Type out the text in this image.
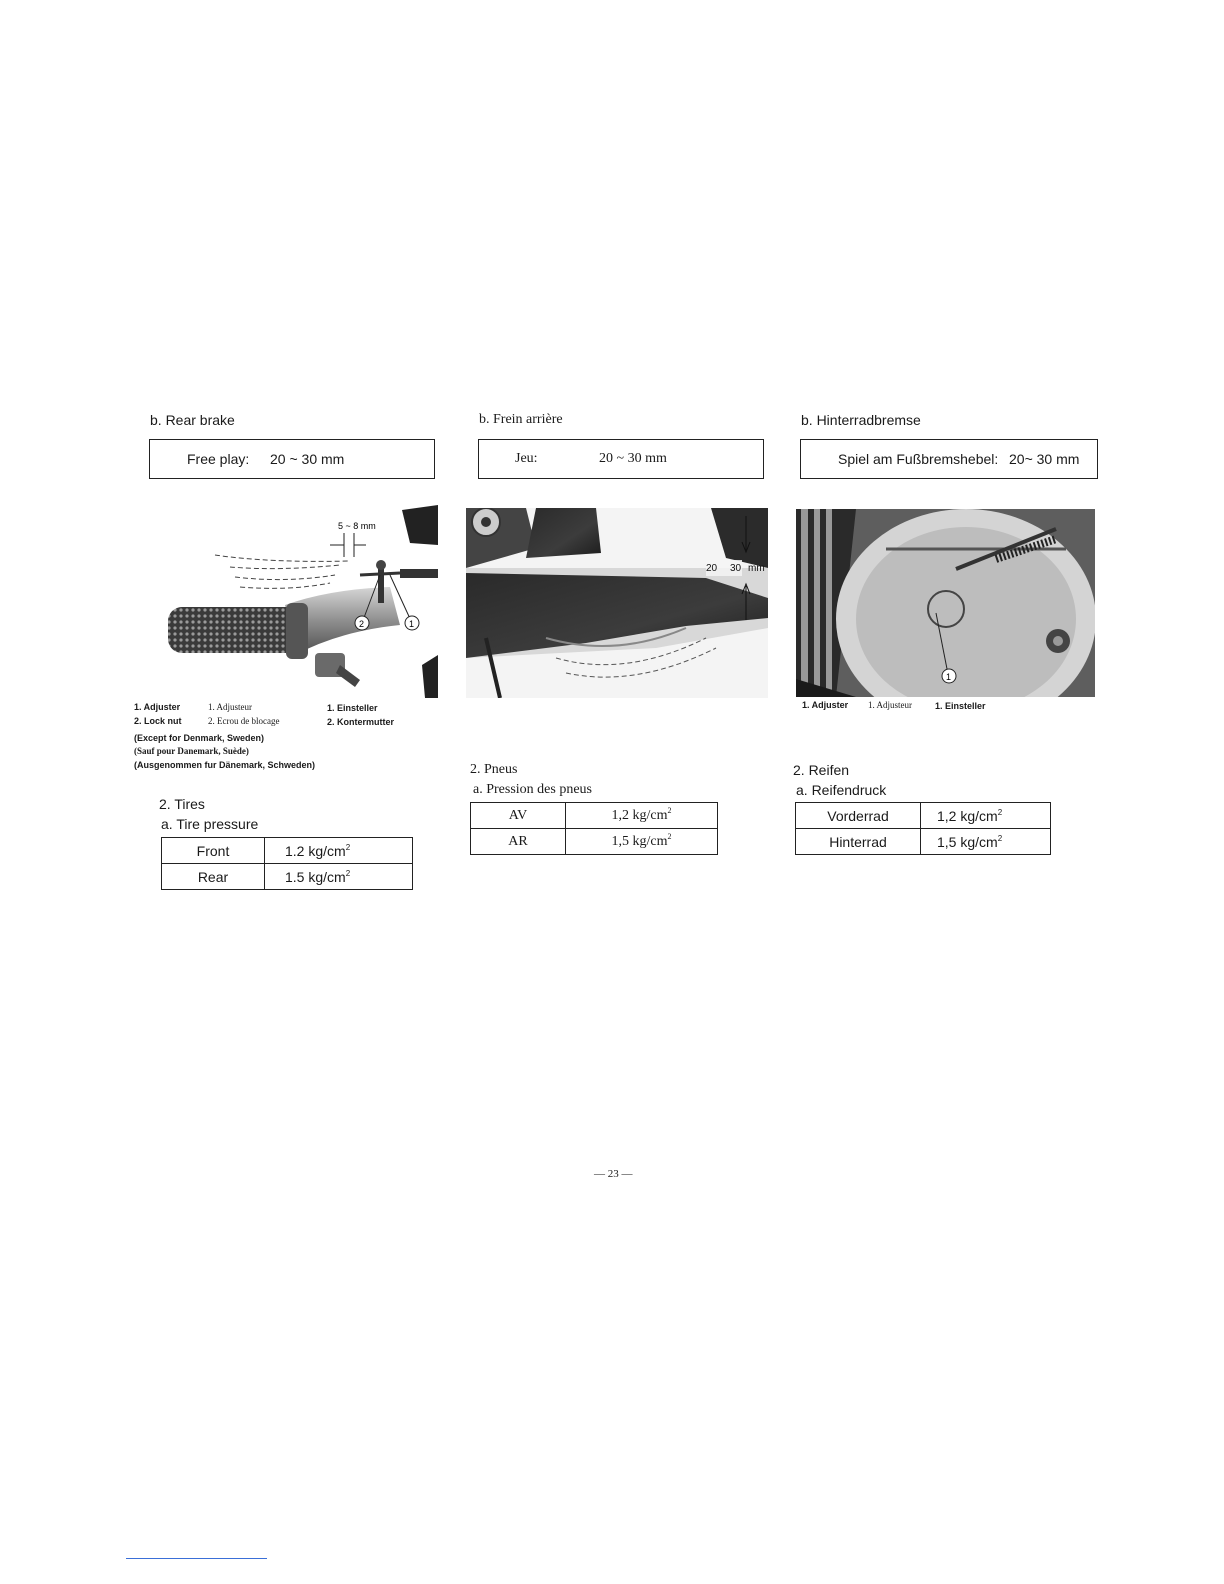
b. Rear brake
Free play: 20 ~ 30 mm
5 ~ 8 mm
2	1
1. Adjuster	1. Adjusteur	1. Einsteller
2. Lock nut	2. Ecrou de blocage	2. Kontermutter
(Except for Denmark, Sweden)
(Sauf pour Danemark, Suède)
(Ausgenommen fur Dänemark, Schweden)
2. Tires
a. Tire pressure
Front	1.2 $kg/cm^2$
Rear	1.5 $kg/cm^2$
b. Frein arrière
Jeu:	20 ~ 30 mm
20 30 mm
2. Pneus
a. Pression des pneus
AV	1,2 $kg/cm^2$
AR	1,5 $kg/cm^2$
b. Hinterradbremse
Spiel am Fußbremshebel: 20~ 30 mm
1
1. Adjuster 1. Adjusteur	1. Einsteller
2. Reifen
a. Reifendruck
Vorderrad	1,2 $kg/cm^2$
Hinterrad	1,5 $kg/cm^2$
— 23 —
